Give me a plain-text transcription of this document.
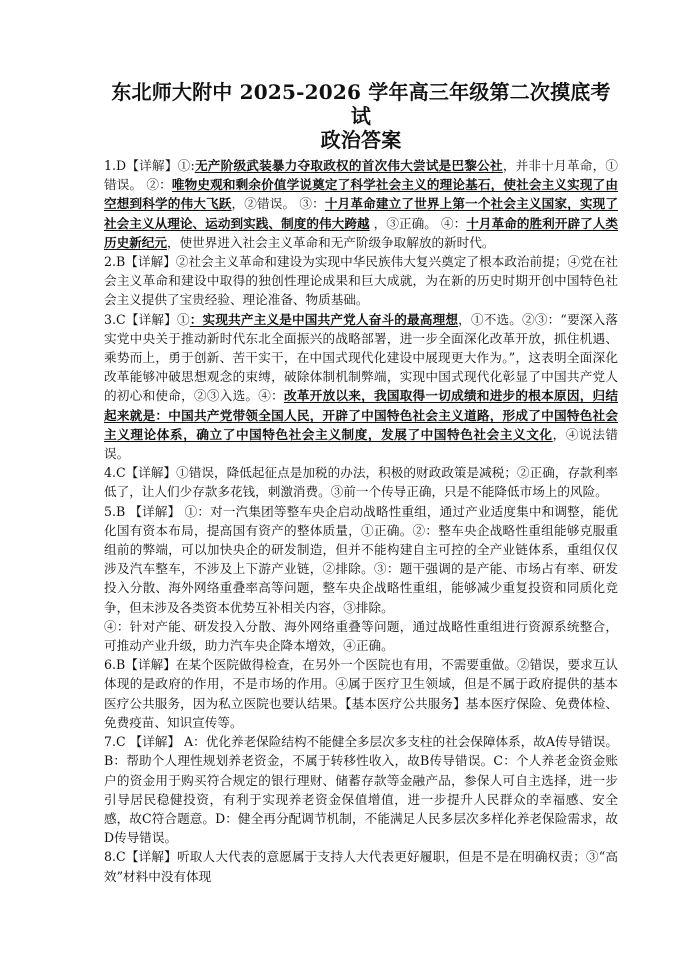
东北师大附中 2025-2026 学年高三年级第二次摸底考试
政治答案

1.D【详解】①:无产阶级武装暴力夺取政权的首次伟大尝试是巴黎公社，并非十月革命，①错误。 ②：唯物史观和剩余价值学说奠定了科学社会主义的理论基石，使社会主义实现了由空想到科学的伟大飞跃，②错误。 ③：十月革命建立了世界上第一个社会主义国家，实现了社会主义从理论、运动到实践、制度的伟大跨越 ，③正确。 ④：十月革命的胜利开辟了人类历史新纪元，使世界进入社会主义革命和无产阶级争取解放的新时代。

2.B【详解】②社会主义革命和建设为实现中华民族伟大复兴奠定了根本政治前提；④党在社会主义革命和建设中取得的独创性理论成果和巨大成就，为在新的历史时期开创中国特色社会主义提供了宝贵经验、理论准备、物质基础。

3.C【详解】①：实现共产主义是中国共产党人奋斗的最高理想，①不选。②③：“要深入落实党中央关于推动新时代东北全面振兴的战略部署，进一步全面深化改革开放，抓住机遇、乘势而上，勇于创新、苦干实干，在中国式现代化建设中展现更大作为。”，这表明全面深化改革能够冲破思想观念的束缚，破除体制机制弊端，实现中国式现代化彰显了中国共产党人的初心和使命，②③入选。④：改革开放以来，我国取得一切成绩和进步的根本原因，归结起来就是：中国共产党带领全国人民，开辟了中国特色社会主义道路，形成了中国特色社会主义理论体系，确立了中国特色社会主义制度，发展了中国特色社会主义文化，④说法错误。

4.C【详解】①错误，降低起征点是加税的办法，积极的财政政策是减税；②正确，存款利率低了，让人们少存款多花钱，刺激消费。③前一个传导正确，只是不能降低市场上的风险。

5.B 【详解】 ①：对一汽集团等整车央企启动战略性重组，通过产业适度集中和调整，能优化国有资本布局，提高国有资产的整体质量，①正确。②：整车央企战略性重组能够克服重组前的弊端，可以加快央企的研发制造，但并不能构建自主可控的全产业链体系，重组仅仅涉及汽车整车，不涉及上下游产业链，②排除。③：题干强调的是产能、市场占有率、研发投入分散、海外网络重叠率高等问题，整车央企战略性重组，能够减少重复投资和同质化竞争，但未涉及各类资本优势互补相关内容，③排除。

④：针对产能、研发投入分散、海外网络重叠等问题，通过战略性重组进行资源系统整合，可推动产业升级，助力汽车央企降本增效，④正确。

6.B【详解】在某个医院做得检查，在另外一个医院也有用，不需要重做。②错误，要求互认体现的是政府的作用，不是市场的作用。④属于医疗卫生领域，但是不属于政府提供的基本医疗公共服务，因为私立医院也要认结果。【基本医疗公共服务】基本医疗保险、免费体检、免费疫苗、知识宣传等。

7.C 【详解】 A：优化养老保险结构不能健全多层次多支柱的社会保障体系，故A传导错误。B：帮助个人理性规划养老资金，不属于转移性收入，故B传导错误。C：个人养老金资金账户的资金用于购买符合规定的银行理财、储蓄存款等金融产品，参保人可自主选择，进一步引导居民稳健投资，有利于实现养老资金保值增值，进一步提升人民群众的幸福感、安全感，故C符合题意。D：健全再分配调节机制，不能满足人民多层次多样化养老保险需求，故D传导错误。

8.C【详解】听取人大代表的意愿属于支持人大代表更好履职，但是不是在明确权责；③“高效”材料中没有体现
